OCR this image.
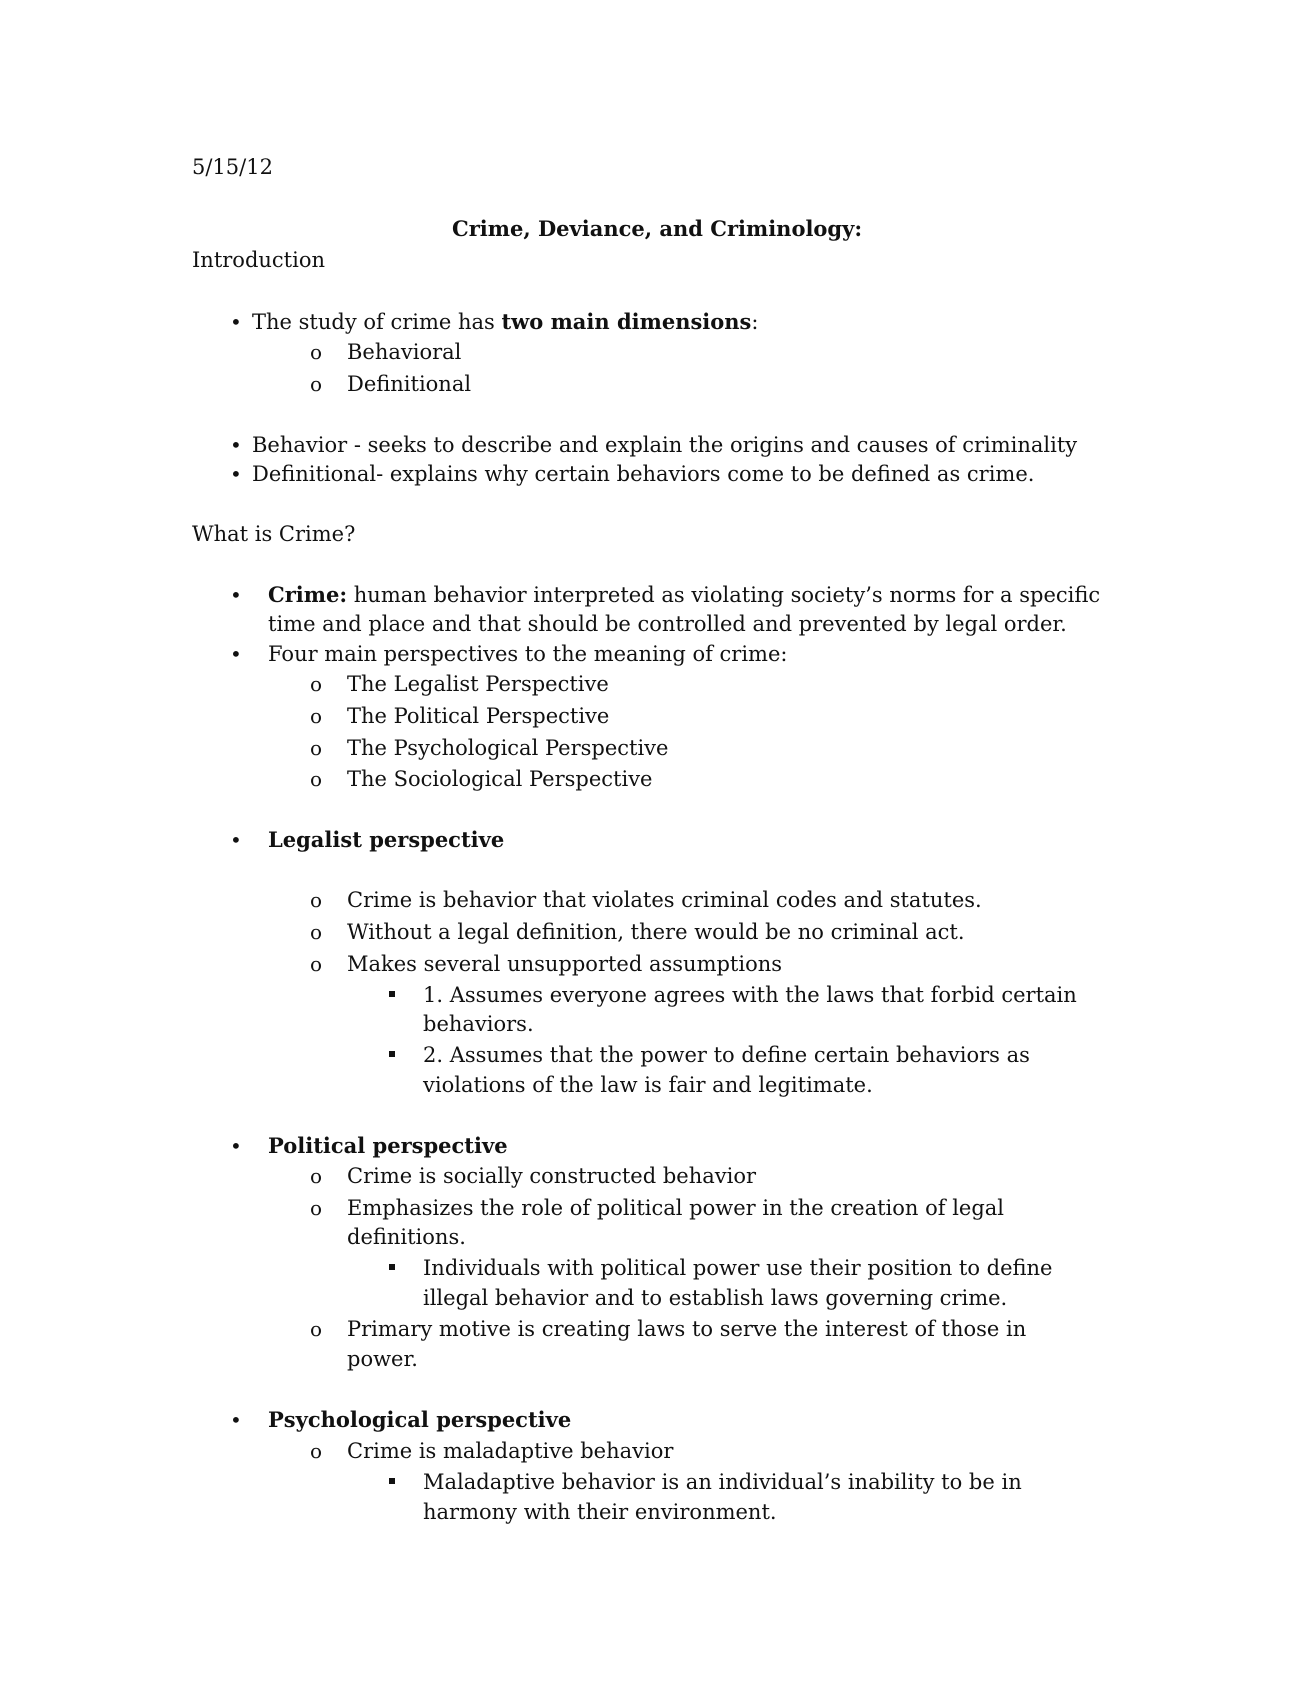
5/15/12
Crime, Deviance, and Criminology:
Introduction
• The study of crime has two main dimensions:
o Behavioral
o Definitional
• Behavior - seeks to describe and explain the origins and causes of criminality
• Definitional- explains why certain behaviors come to be defined as crime.
What is Crime?
• Crime: human behavior interpreted as violating society’s norms for a specific
time and place and that should be controlled and prevented by legal order.
• Four main perspectives to the meaning of crime:
o The Legalist Perspective
o The Political Perspective
o The Psychological Perspective
o The Sociological Perspective
• Legalist perspective
o Crime is behavior that violates criminal codes and statutes.
o Without a legal definition, there would be no criminal act.
o Makes several unsupported assumptions
1. Assumes everyone agrees with the laws that forbid certain
behaviors.
2. Assumes that the power to define certain behaviors as
violations of the law is fair and legitimate.
• Political perspective
o Crime is socially constructed behavior
o Emphasizes the role of political power in the creation of legal
definitions.
Individuals with political power use their position to define
illegal behavior and to establish laws governing crime.
o Primary motive is creating laws to serve the interest of those in
power.
• Psychological perspective
o Crime is maladaptive behavior
Maladaptive behavior is an individual’s inability to be in
harmony with their environment.
